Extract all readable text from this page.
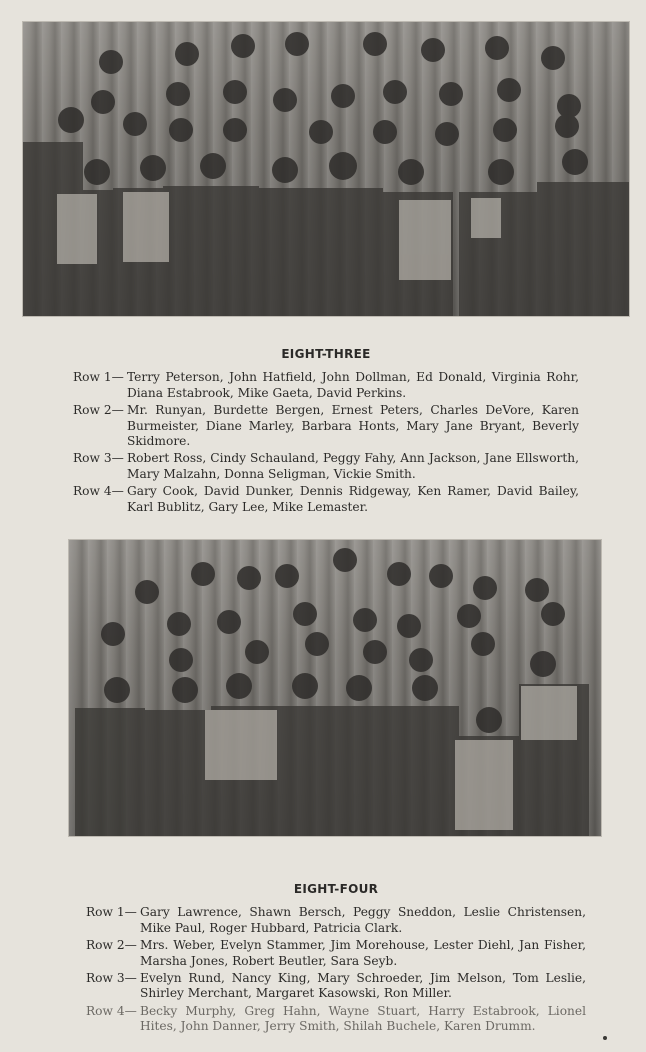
EIGHT-THREE
Row 1— Terry Peterson, John Hatfield, John Dollman, Ed Donald, Virginia Rohr, Diana Estabrook, Mike Gaeta, David Perkins.
Row 2— Mr. Runyan, Burdette Bergen, Ernest Peters, Charles DeVore, Karen Burmeister, Diane Marley, Barbara Honts, Mary Jane Bryant, Beverly Skidmore.
Row 3— Robert Ross, Cindy Schauland, Peggy Fahy, Ann Jackson, Jane Ellsworth, Mary Malzahn, Donna Seligman, Vickie Smith.
Row 4— Gary Cook, David Dunker, Dennis Ridgeway, Ken Ramer, David Bailey, Karl Bublitz, Gary Lee, Mike Lemaster.
EIGHT-FOUR
Row 1— Gary Lawrence, Shawn Bersch, Peggy Sneddon, Leslie Christensen, Mike Paul, Roger Hubbard, Patricia Clark.
Row 2— Mrs. Weber, Evelyn Stammer, Jim Morehouse, Lester Diehl, Jan Fisher, Marsha Jones, Robert Beutler, Sara Seyb.
Row 3— Evelyn Rund, Nancy King, Mary Schroeder, Jim Melson, Tom Leslie, Shirley Merchant, Margaret Kasowski, Ron Miller.
Row 4— Becky Murphy, Greg Hahn, Wayne Stuart, Harry Estabrook, Lionel Hites, John Danner, Jerry Smith, Shilah Buchele, Karen Drumm.
